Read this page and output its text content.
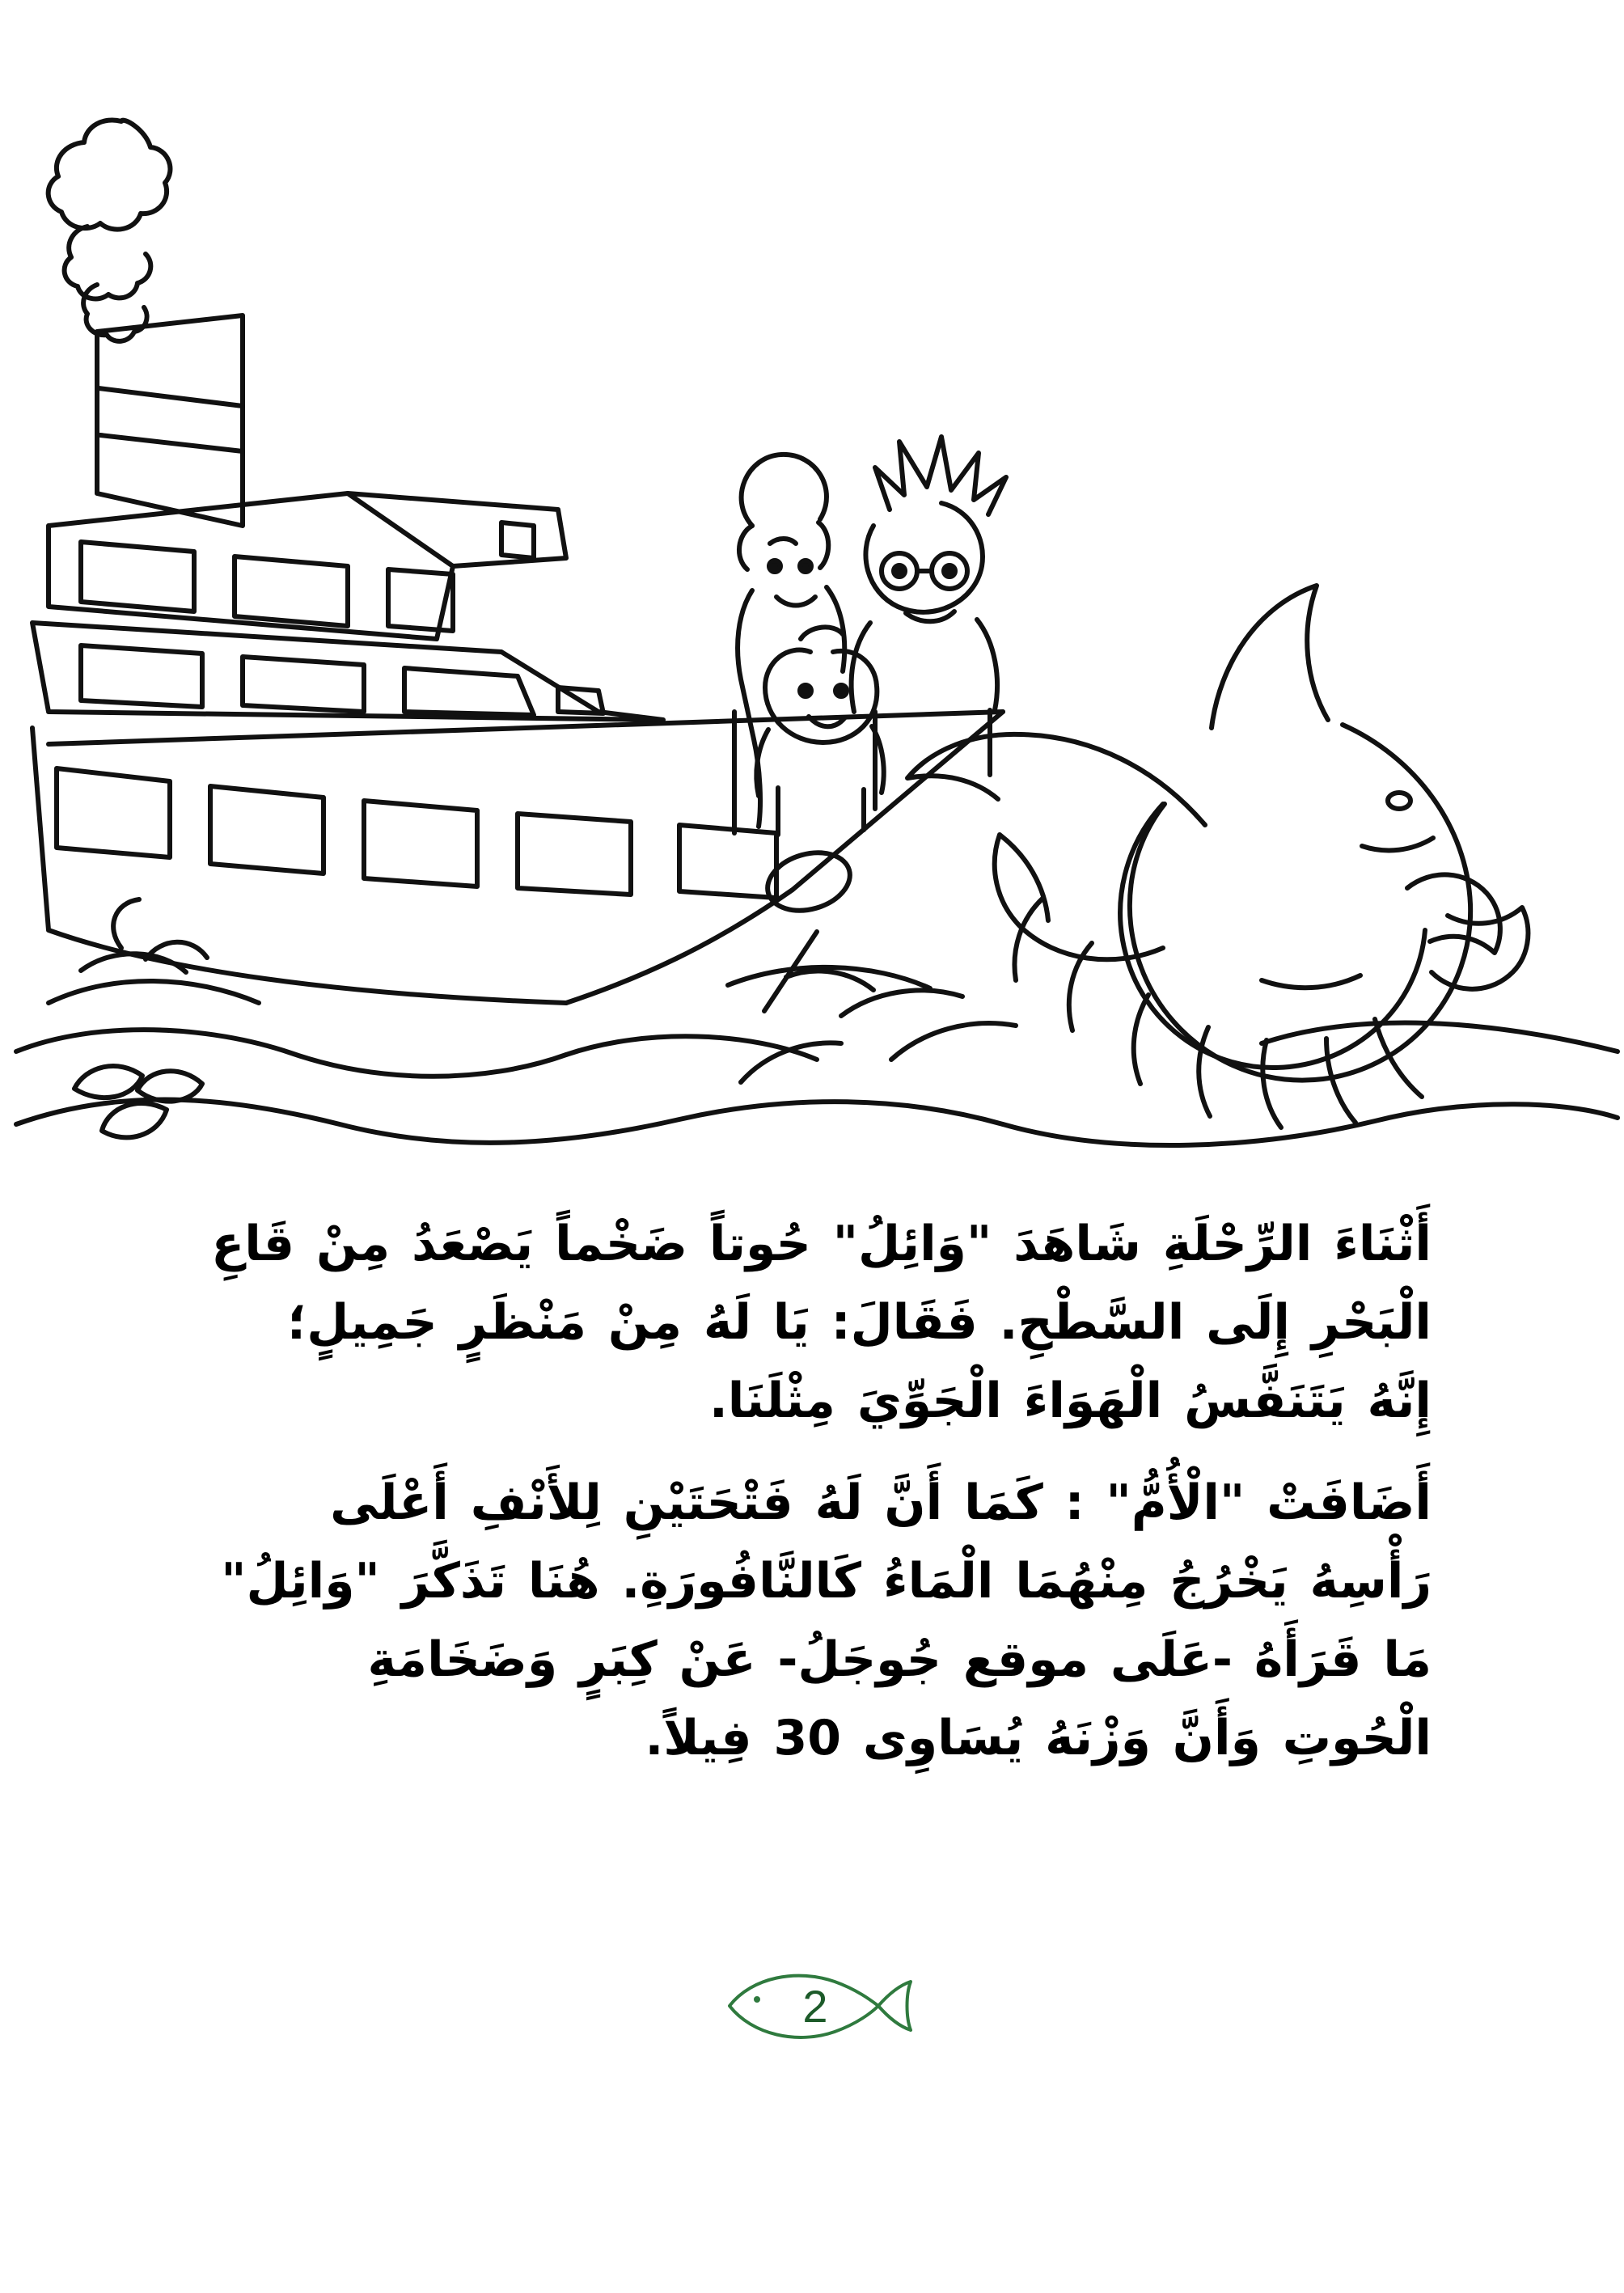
أَثْنَاءَ الرِّحْلَةِ شَاهَدَ "وَائِلُ" حُوتاً ضَخْماً يَصْعَدُ مِنْ قَاعِ الْبَحْرِ إِلَى السَّطْحِ. فَقَالَ: يَا لَهُ مِنْ مَنْظَرٍ جَمِيلٍ؛ إِنَّهُ يَتَنَفَّسُ الْهَوَاءَ الْجَوِّيَ مِثْلَنَا.

أَضَافَتْ "الْأُمُّ" : كَمَا أَنَّ لَهُ فَتْحَتَيْنِ لِلأَنْفِ أَعْلَى رَأْسِهُ يَخْرُجُ مِنْهُمَا الْمَاءُ كَالنَّافُورَةِ. هُنَا تَذَكَّرَ "وَائِلُ" مَا قَرَأَهُ -عَلَى موقع جُوجَلُ- عَنْ كِبَرٍ وَضَخَامَةِ الْحُوتِ وَأَنَّ وَزْنَهُ يُسَاوِى 30 فِيلاً.

2
